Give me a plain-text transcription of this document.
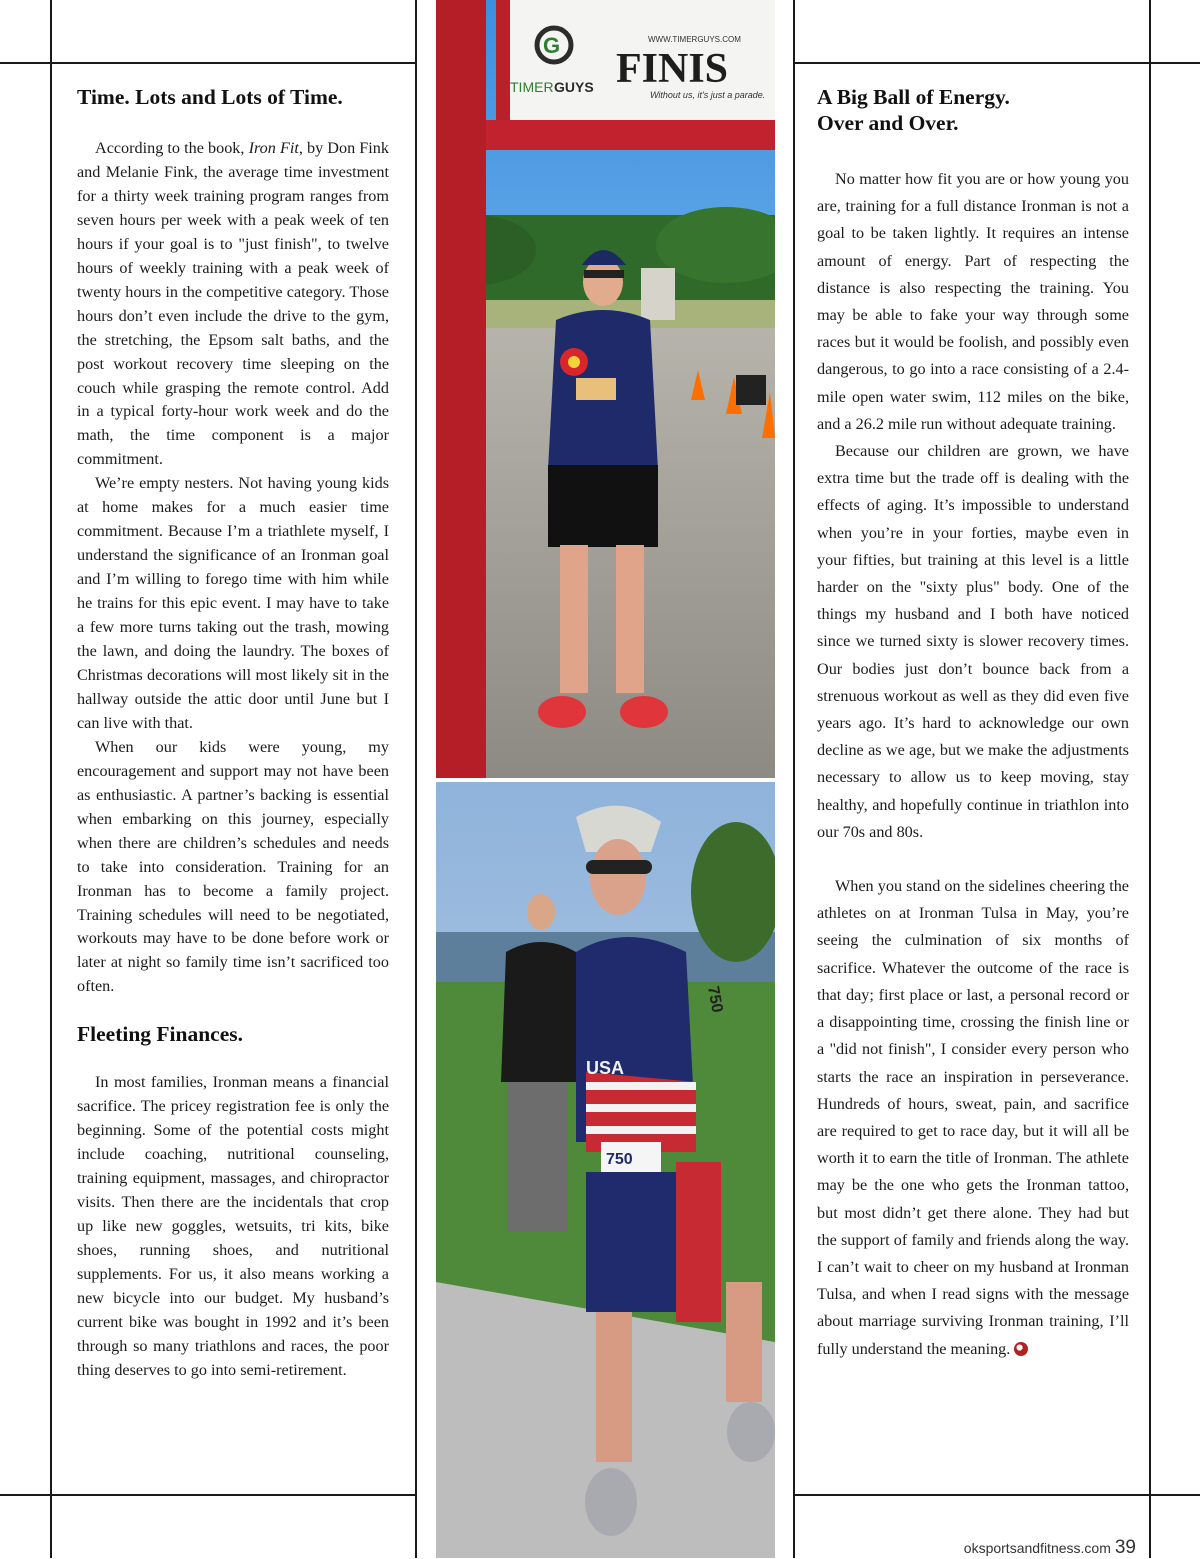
Time. Lots and Lots of Time.

According to the book, Iron Fit, by Don Fink and Melanie Fink, the average time investment for a thirty week training program ranges from seven hours per week with a peak week of ten hours if your goal is to "just finish", to twelve hours of weekly training with a peak week of twenty hours in the competitive category. Those hours don’t even include the drive to the gym, the stretching, the Epsom salt baths, and the post workout recovery time sleeping on the couch while grasping the remote control. Add in a typical forty-hour work week and do the math, the time component is a major commitment.

We’re empty nesters. Not having young kids at home makes for a much easier time commitment. Because I’m a triathlete myself, I understand the significance of an Ironman goal and I’m willing to forego time with him while he trains for this epic event. I may have to take a few more turns taking out the trash, mowing the lawn, and doing the laundry. The boxes of Christmas decorations will most likely sit in the hallway outside the attic door until June but I can live with that.

When our kids were young, my encouragement and support may not have been as enthusiastic. A partner’s backing is essential when embarking on this journey, especially when there are children’s schedules and needs to take into consideration. Training for an Ironman has to become a family project. Training schedules will need to be negotiated, workouts may have to be done before work or later at night so family time isn’t sacrificed too often.

Fleeting Finances.

In most families, Ironman means a financial sacrifice. The pricey registration fee is only the beginning. Some of the potential costs might include coaching, nutritional counseling, training equipment, massages, and chiropractor visits. Then there are the incidentals that crop up like new goggles, wetsuits, tri kits, bike shoes, running shoes, and nutritional supplements. For us, it also means working a new bicycle into our budget. My husband’s current bike was bought in 1992 and it’s been through so many triathlons and races, the poor thing deserves to go into semi-retirement.

G
TIMER GUYS
WWW.TIMERGUYS.COM
FINIS
Without us, it’s just a parade.
USA
750
750
A Big Ball of Energy.
Over and Over.

No matter how fit you are or how young you are, training for a full distance Ironman is not a goal to be taken lightly. It requires an intense amount of energy. Part of respecting the distance is also respecting the training. You may be able to fake your way through some races but it would be foolish, and possibly even dangerous, to go into a race consisting of a 2.4-mile open water swim, 112 miles on the bike, and a 26.2 mile run without adequate training.

Because our children are grown, we have extra time but the trade off is dealing with the effects of aging. It’s impossible to understand when you’re in your forties, maybe even in your fifties, but training at this level is a little harder on the "sixty plus" body. One of the things my husband and I both have noticed since we turned sixty is slower recovery times. Our bodies just don’t bounce back from a strenuous workout as well as they did even five years ago. It’s hard to acknowledge our own decline as we age, but we make the adjustments necessary to allow us to keep moving, stay healthy, and hopefully continue in triathlon into our 70s and 80s.

When you stand on the sidelines cheering the athletes on at Ironman Tulsa in May, you’re seeing the culmination of six months of sacrifice. Whatever the outcome of the race is that day; first place or last, a personal record or a disappointing time, crossing the finish line or a "did not finish", I consider every person who starts the race an inspiration in perseverance. Hundreds of hours, sweat, pain, and sacrifice are required to get to race day, but it will all be worth it to earn the title of Ironman. The athlete may be the one who gets the Ironman tattoo, but most didn’t get there alone. They had but the support of family and friends along the way. I can’t wait to cheer on my husband at Ironman Tulsa, and when I read signs with the message about marriage surviving Ironman training, I’ll fully understand the meaning.

oksportsandfitness.com 39
